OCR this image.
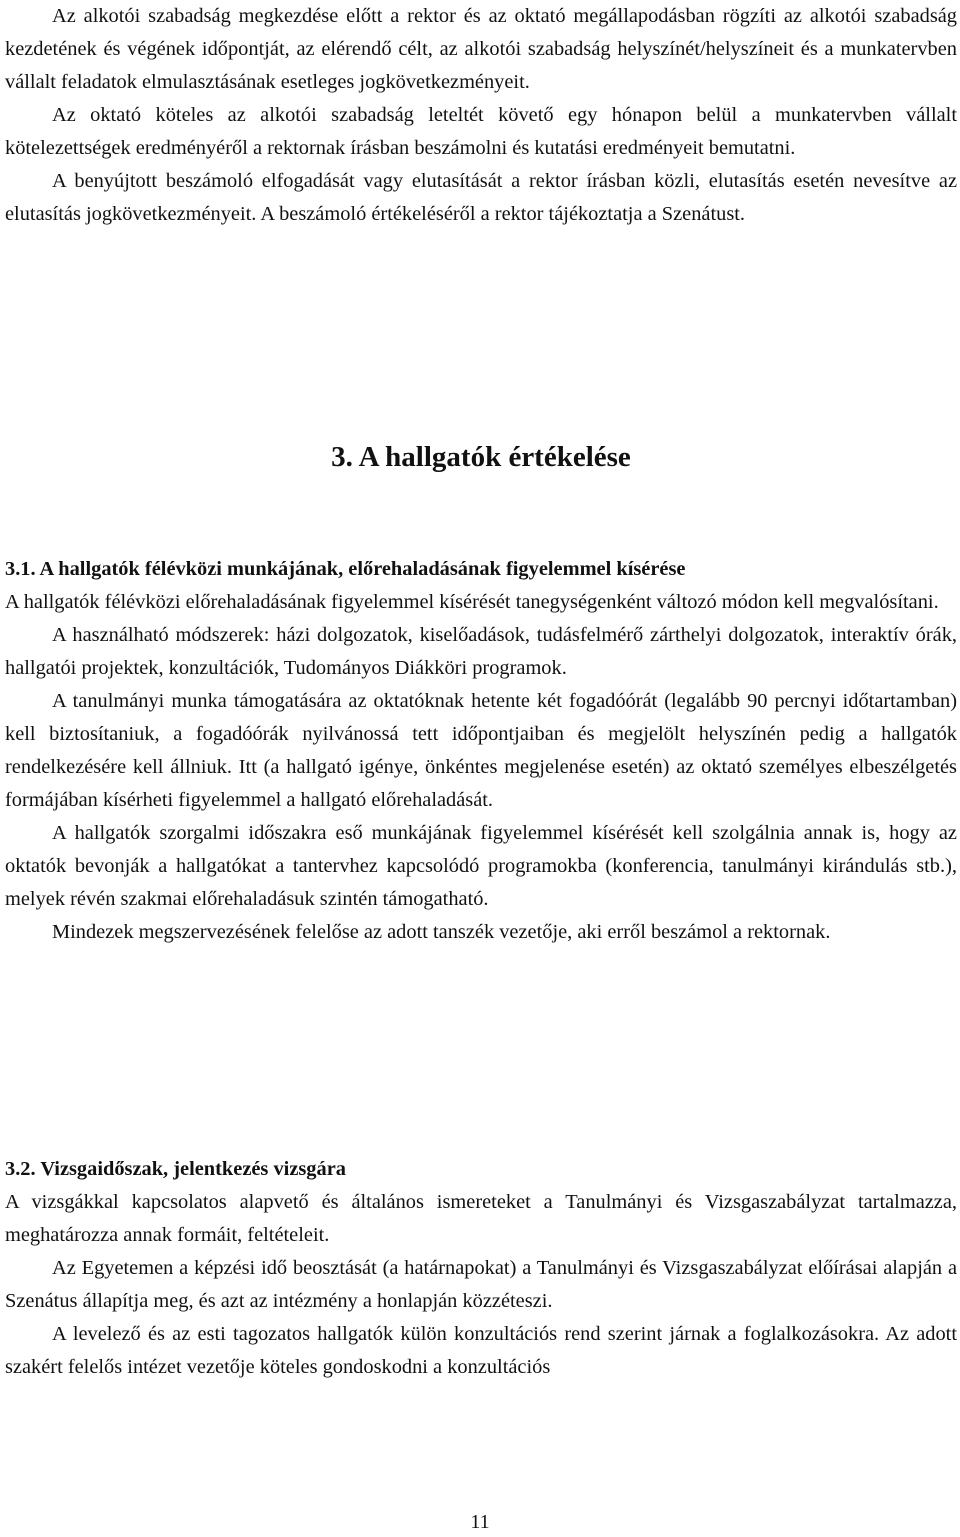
Az alkotói szabadság megkezdése előtt a rektor és az oktató megállapodásban rögzíti az alkotói szabadság kezdetének és végének időpontját, az elérendő célt, az alkotói szabadság helyszínét/helyszíneit és a munkatervben vállalt feladatok elmulasztásának esetleges jogkövetkezményeit.

Az oktató köteles az alkotói szabadság leteltét követő egy hónapon belül a munkatervben vállalt kötelezettségek eredményéről a rektornak írásban beszámolni és kutatási eredményeit bemutatni.

A benyújtott beszámoló elfogadását vagy elutasítását a rektor írásban közli, elutasítás esetén nevesítve az elutasítás jogkövetkezményeit. A beszámoló értékeléséről a rektor tájékoztatja a Szenátust.

3. A hallgatók értékelése
3.1. A hallgatók félévközi munkájának, előrehaladásának figyelemmel kísérése

A hallgatók félévközi előrehaladásának figyelemmel kísérését tanegységenként változó módon kell megvalósítani.

A használható módszerek: házi dolgozatok, kiselőadások, tudásfelmérő zárthelyi dolgozatok, interaktív órák, hallgatói projektek, konzultációk, Tudományos Diákköri programok.

A tanulmányi munka támogatására az oktatóknak hetente két fogadóórát (legalább 90 percnyi időtartamban) kell biztosítaniuk, a fogadóórák nyilvánossá tett időpontjaiban és megjelölt helyszínén pedig a hallgatók rendelkezésére kell állniuk. Itt (a hallgató igénye, önkéntes megjelenése esetén) az oktató személyes elbeszélgetés formájában kísérheti figyelemmel a hallgató előrehaladását.

A hallgatók szorgalmi időszakra eső munkájának figyelemmel kísérését kell szolgálnia annak is, hogy az oktatók bevonják a hallgatókat a tantervhez kapcsolódó programokba (konferencia, tanulmányi kirándulás stb.), melyek révén szakmai előrehaladásuk szintén támogatható.

Mindezek megszervezésének felelőse az adott tanszék vezetője, aki erről beszámol a rektornak.

3.2. Vizsgaidőszak, jelentkezés vizsgára

A vizsgákkal kapcsolatos alapvető és általános ismereteket a Tanulmányi és Vizsgaszabályzat tartalmazza, meghatározza annak formáit, feltételeit.

Az Egyetemen a képzési idő beosztását (a határnapokat) a Tanulmányi és Vizsgaszabályzat előírásai alapján a Szenátus állapítja meg, és azt az intézmény a honlapján közzéteszi.

A levelező és az esti tagozatos hallgatók külön konzultációs rend szerint járnak a foglalkozásokra. Az adott szakért felelős intézet vezetője köteles gondoskodni a konzultációs

11
